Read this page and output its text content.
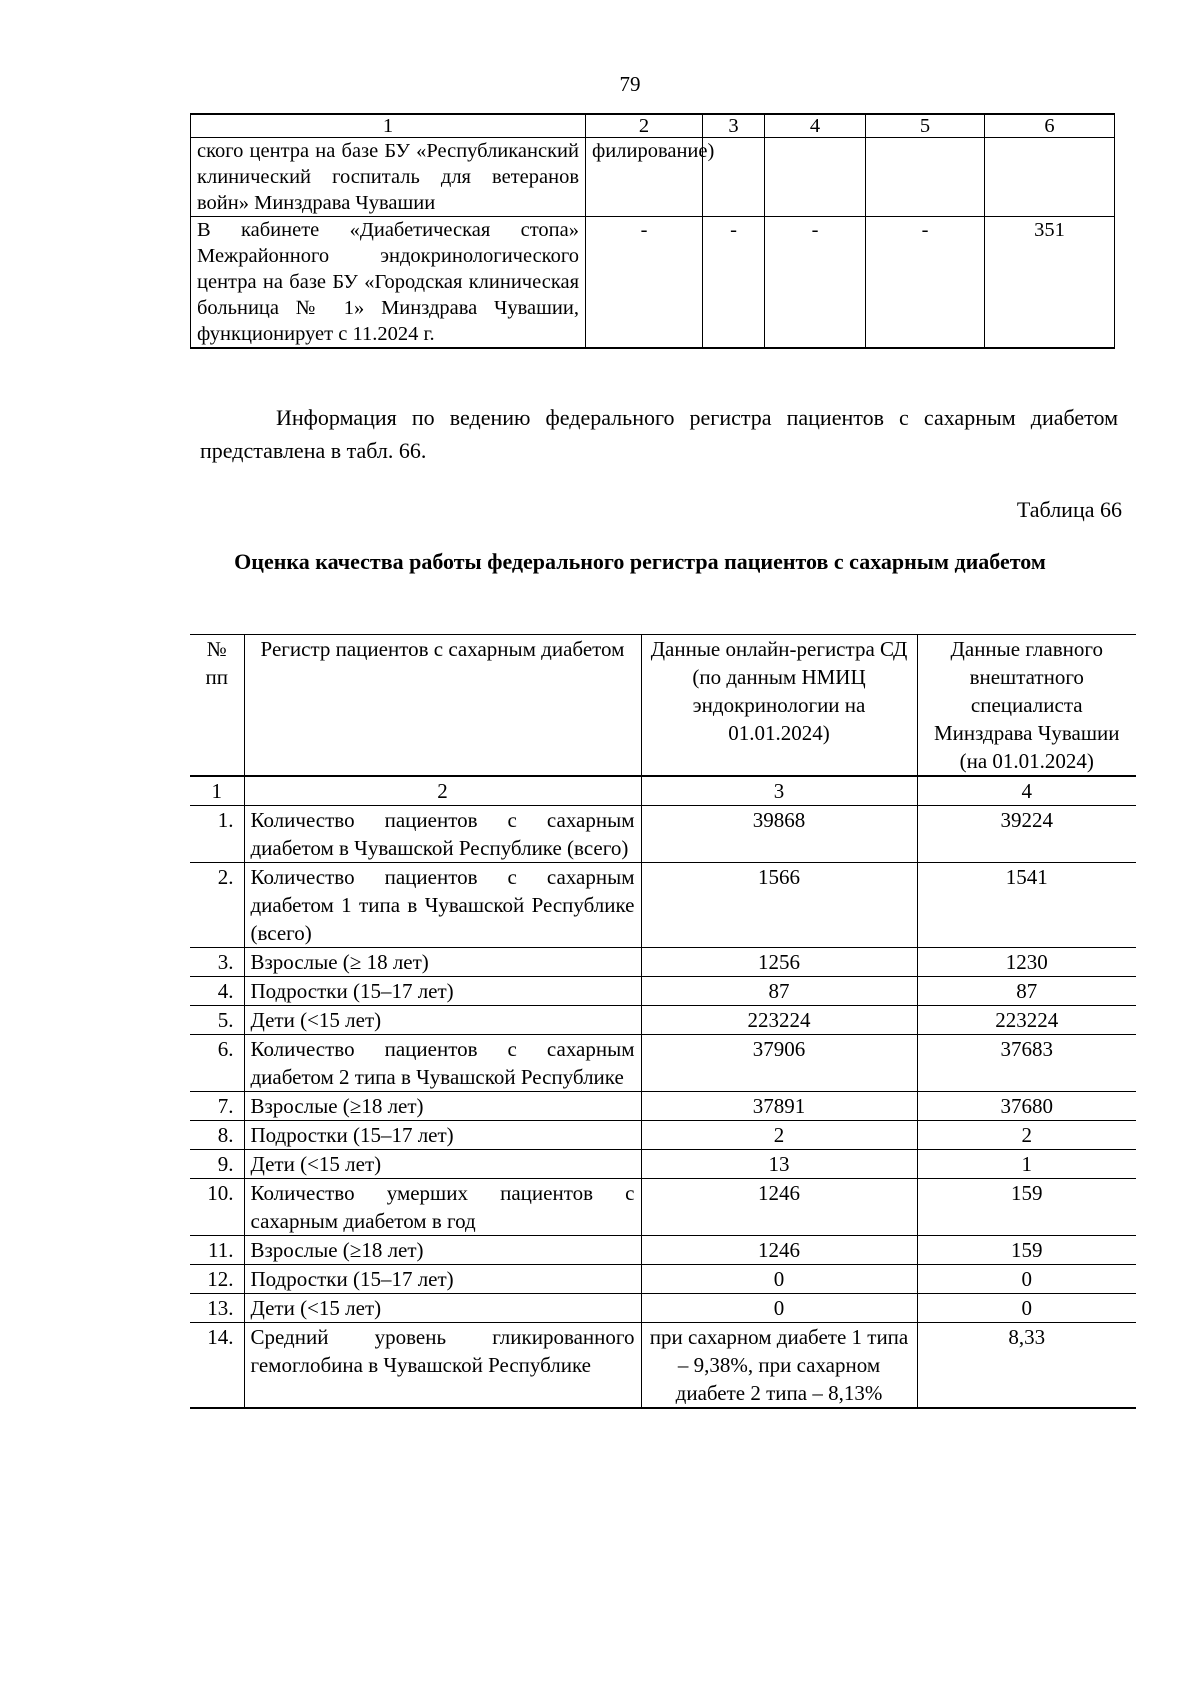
79
1	2	3	4	5	6
ского центра на базе БУ «Республиканский клинический госпиталь для ветеранов войн» Минздрава Чувашии	филирование)				
В кабинете «Диабетическая стопа» Межрайонного эндокринологического центра на базе БУ «Городская клиническая больница № 1» Минздрава Чувашии, функционирует с 11.2024 г.	-	-	-	-	351
Информация по ведению федерального регистра пациентов с сахарным диабетом представлена в табл. 66.
Таблица 66
Оценка качества работы федерального регистра пациентов с сахарным диабетом
№ пп	Регистр пациентов с сахарным диабетом	Данные онлайн-регистра СД (по данным НМИЦ эндокринологии на 01.01.2024)	Данные главного внештатного специалиста Минздрава Чувашии (на 01.01.2024)
1	2	3	4
1.	Количество пациентов с сахарным диабетом в Чувашской Республике (всего)	39868	39224
2.	Количество пациентов с сахарным диабетом 1 типа в Чувашской Республике (всего)	1566	1541
3.	Взрослые (≥ 18 лет)	1256	1230
4.	Подростки (15–17 лет)	87	87
5.	Дети (<15 лет)	223224	223224
6.	Количество пациентов с сахарным диабетом 2 типа в Чувашской Республике	37906	37683
7.	Взрослые (≥18 лет)	37891	37680
8.	Подростки (15–17 лет)	2	2
9.	Дети (<15 лет)	13	1
10.	Количество умерших пациентов с сахарным диабетом в год	1246	159
11.	Взрослые (≥18 лет)	1246	159
12.	Подростки (15–17 лет)	0	0
13.	Дети (<15 лет)	0	0
14.	Средний уровень гликированного гемоглобина в Чувашской Республике	при сахарном диабете 1 типа – 9,38%, при сахарном диабете 2 типа – 8,13%	8,33
